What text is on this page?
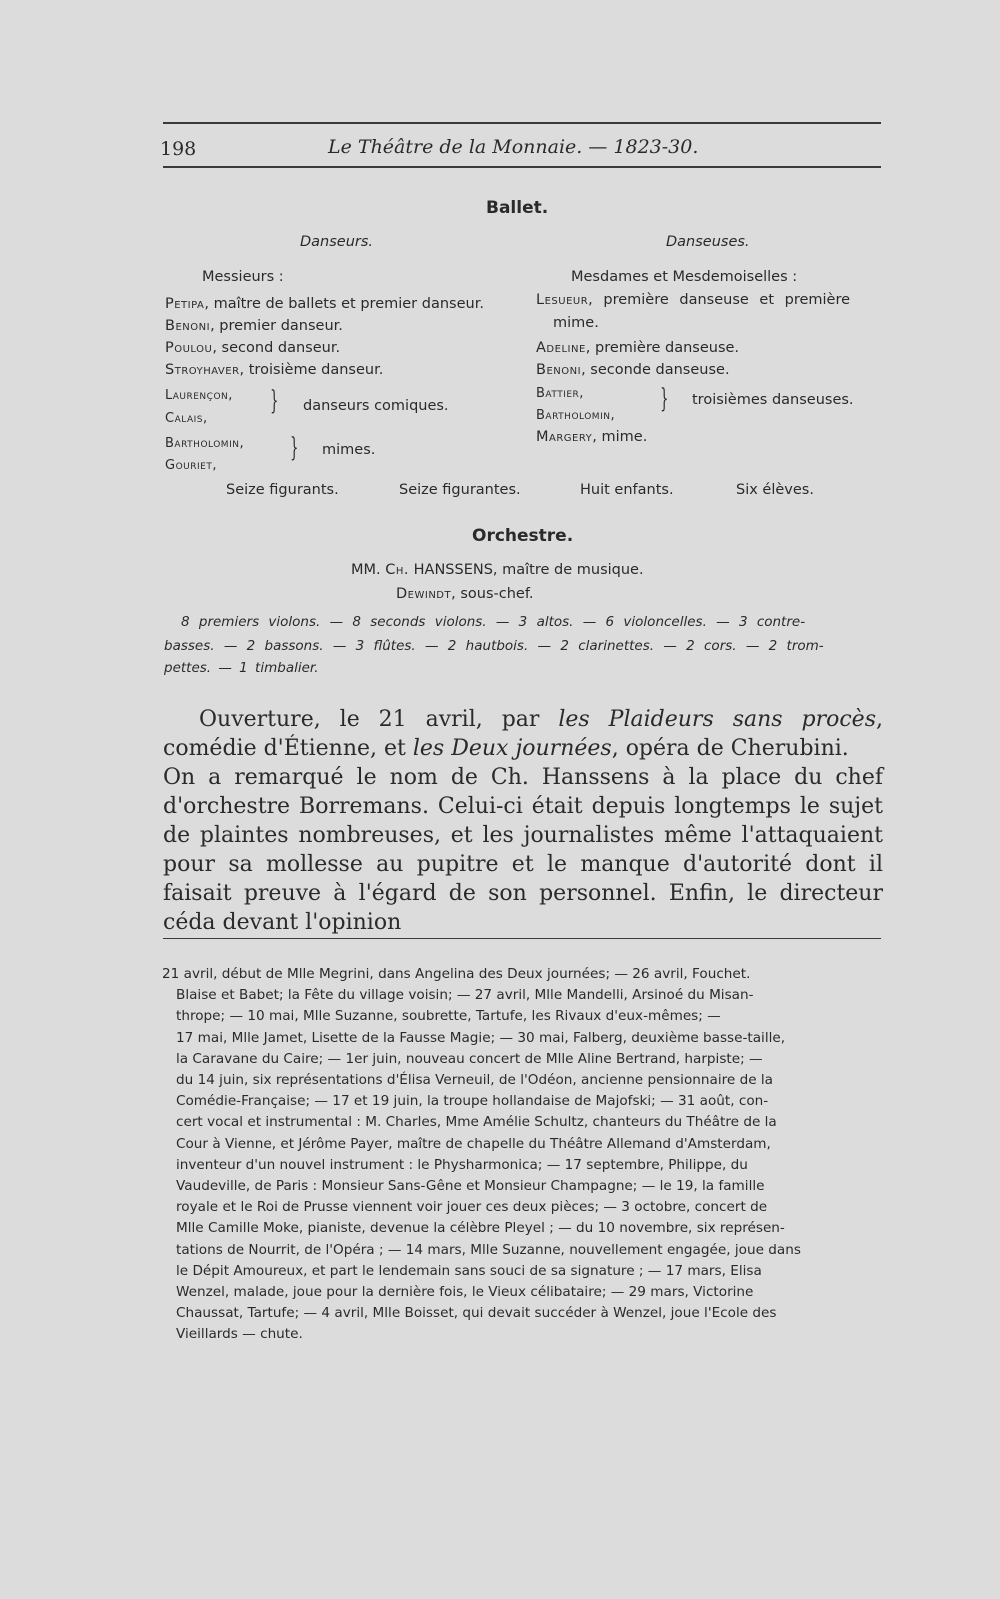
198	Le Théâtre de la Monnaie. — 1823-30.
Ballet.
Danseurs.
Messieurs :
Petipa, maître de ballets et premier danseur.
Benoni, premier danseur.
Poulou, second danseur.
Stroyhaver, troisième danseur.
Laurençon,
Calais,
} danseurs comiques.
Bartholomin,
Gouriet,
} mimes.
Danseuses.
Mesdames et Mesdemoiselles :
Lesueur, première danseuse et première
mime.
Adeline, première danseuse.
Benoni, seconde danseuse.
Battier,
Bartholomin,
} troisièmes danseuses.
Margery, mime.
Seize figurants.	Seize figurantes.	Huit enfants.	Six élèves.
Orchestre.
MM. Ch. HANSSENS, maître de musique.
Dewindt, sous-chef.
8 premiers violons. — 8 seconds violons. — 3 altos. — 6 violoncelles. — 3 contre-
basses. — 2 bassons. — 3 flûtes. — 2 hautbois. — 2 clarinettes. — 2 cors. — 2 trom-
pettes. — 1 timbalier.
Ouverture, le 21 avril, par les Plaideurs sans procès, comédie d'Étienne, et les Deux journées, opéra de Cherubini.
On a remarqué le nom de Ch. Hanssens à la place du chef d'orchestre Borremans. Celui-ci était depuis longtemps le sujet de plaintes nombreuses, et les journalistes même l'attaquaient pour sa mollesse au pupitre et le manque d'autorité dont il faisait preuve à l'égard de son personnel. Enfin, le directeur céda devant l'opinion

21 avril, début de Mlle Megrini, dans Angelina des Deux journées; — 26 avril, Fouchet.

Blaise et Babet; la Fête du village voisin; — 27 avril, Mlle Mandelli, Arsinoé du Misan-

thrope; — 10 mai, Mlle Suzanne, soubrette, Tartufe, les Rivaux d'eux-mêmes; —

17 mai, Mlle Jamet, Lisette de la Fausse Magie; — 30 mai, Falberg, deuxième basse-taille,

la Caravane du Caire; — 1er juin, nouveau concert de Mlle Aline Bertrand, harpiste; —

du 14 juin, six représentations d'Élisa Verneuil, de l'Odéon, ancienne pensionnaire de la

Comédie-Française; — 17 et 19 juin, la troupe hollandaise de Majofski; — 31 août, con-

cert vocal et instrumental : M. Charles, Mme Amélie Schultz, chanteurs du Théâtre de la

Cour à Vienne, et Jérôme Payer, maître de chapelle du Théâtre Allemand d'Amsterdam,

inventeur d'un nouvel instrument : le Physharmonica; — 17 septembre, Philippe, du

Vaudeville, de Paris : Monsieur Sans-Gêne et Monsieur Champagne; — le 19, la famille

royale et le Roi de Prusse viennent voir jouer ces deux pièces; — 3 octobre, concert de

Mlle Camille Moke, pianiste, devenue la célèbre Pleyel ; — du 10 novembre, six représen-

tations de Nourrit, de l'Opéra ; — 14 mars, Mlle Suzanne, nouvellement engagée, joue dans

le Dépit Amoureux, et part le lendemain sans souci de sa signature ; — 17 mars, Elisa

Wenzel, malade, joue pour la dernière fois, le Vieux célibataire; — 29 mars, Victorine

Chaussat, Tartufe; — 4 avril, Mlle Boisset, qui devait succéder à Wenzel, joue l'Ecole des

Vieillards — chute.
